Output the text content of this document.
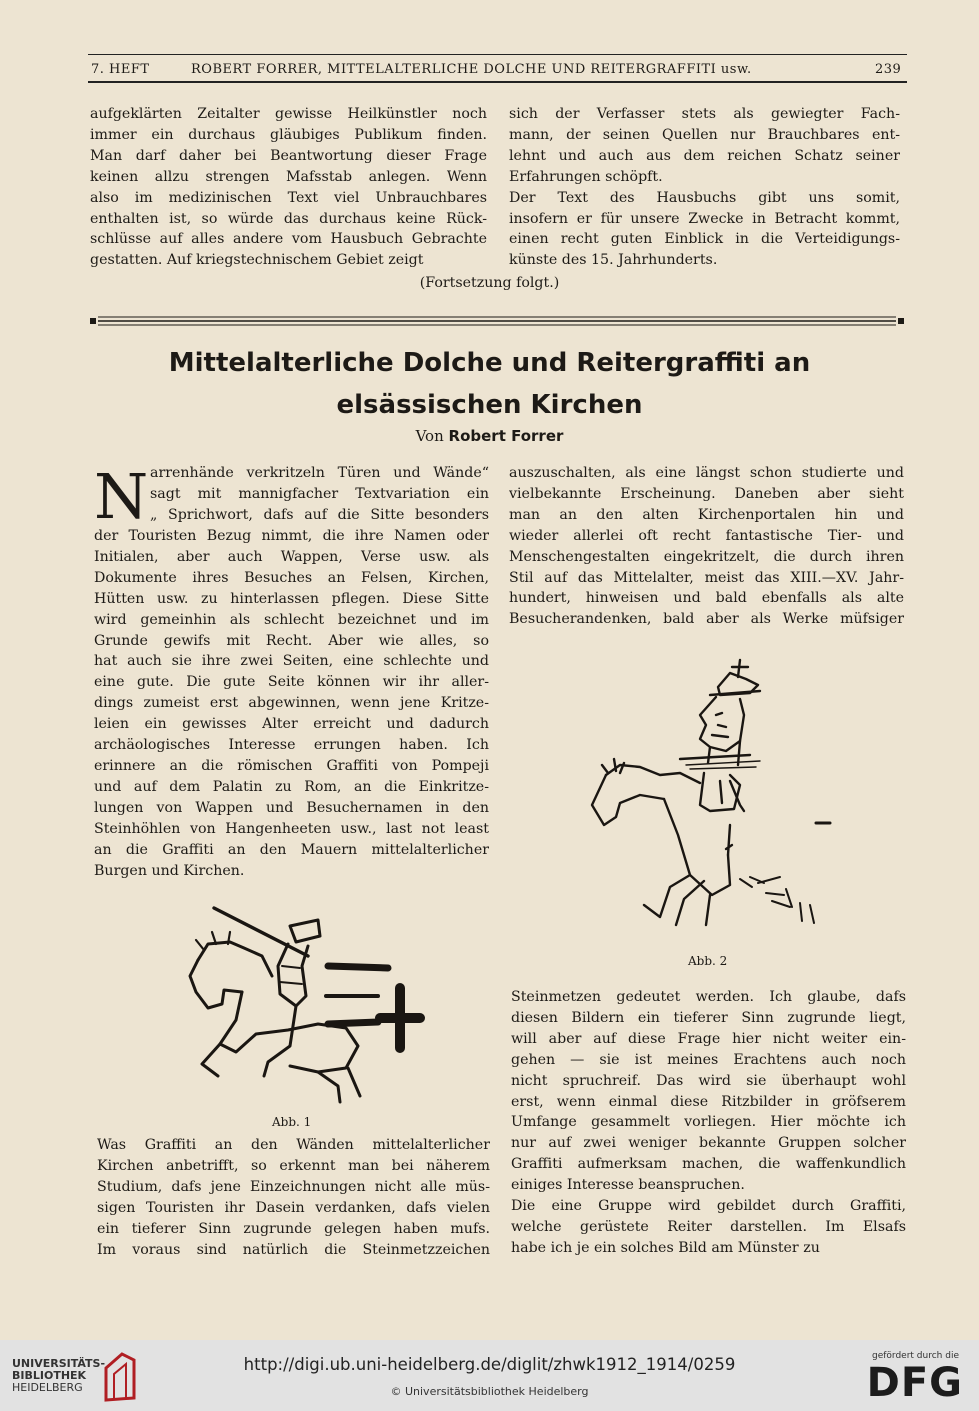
7. HEFT	ROBERT FORRER, MITTELALTERLICHE DOLCHE UND REITERGRAFFITI usw.	239
aufgeklärten Zeitalter gewisse Heilkünstler noch
immer ein durchaus gläubiges Publikum finden.
Man darf daher bei Beantwortung dieser Frage
keinen allzu strengen Mafsstab anlegen. Wenn
also im medizinischen Text viel Unbrauchbares
enthalten ist, so würde das durchaus keine Rück-
schlüsse auf alles andere vom Hausbuch Gebrachte
gestatten. Auf kriegstechnischem Gebiet zeigt
sich der Verfasser stets als gewiegter Fach-
mann, der seinen Quellen nur Brauchbares ent-
lehnt und auch aus dem reichen Schatz seiner
Erfahrungen schöpft.
Der Text des Hausbuchs gibt uns somit,
insofern er für unsere Zwecke in Betracht kommt,
einen recht guten Einblick in die Verteidigungs-
künste des 15. Jahrhunderts.
(Fortsetzung folgt.)
Mittelalterliche Dolche und Reitergraffiti an
elsässischen Kirchen
Von Robert Forrer
N arrenhände verkritzeln Türen und Wände“
sagt mit mannigfacher Textvariation ein
„ Sprichwort, dafs auf die Sitte besonders
der Touristen Bezug nimmt, die ihre Namen oder
Initialen, aber auch Wappen, Verse usw. als
Dokumente ihres Besuches an Felsen, Kirchen,
Hütten usw. zu hinterlassen pflegen. Diese Sitte
wird gemeinhin als schlecht bezeichnet und im
Grunde gewifs mit Recht. Aber wie alles, so
hat auch sie ihre zwei Seiten, eine schlechte und
eine gute. Die gute Seite können wir ihr aller-
dings zumeist erst abgewinnen, wenn jene Kritze-
leien ein gewisses Alter erreicht und dadurch
archäologisches Interesse errungen haben. Ich
erinnere an die römischen Graffiti von Pompeji
und auf dem Palatin zu Rom, an die Einkritze-
lungen von Wappen und Besuchernamen in den
Steinhöhlen von Hangenheeten usw., last not least
an die Graffiti an den Mauern mittelalterlicher
Burgen und Kirchen.
auszuschalten, als eine längst schon studierte und
vielbekannte Erscheinung. Daneben aber sieht
man an den alten Kirchenportalen hin und
wieder allerlei oft recht fantastische Tier- und
Menschengestalten eingekritzelt, die durch ihren
Stil auf das Mittelalter, meist das XIII.—XV. Jahr-
hundert, hinweisen und bald ebenfalls als alte
Besucherandenken, bald aber als Werke müfsiger
Abb. 2
Steinmetzen gedeutet werden. Ich glaube, dafs
diesen Bildern ein tieferer Sinn zugrunde liegt,
will aber auf diese Frage hier nicht weiter ein-
gehen — sie ist meines Erachtens auch noch
nicht spruchreif. Das wird sie überhaupt wohl
erst, wenn einmal diese Ritzbilder in gröfserem
Umfange gesammelt vorliegen. Hier möchte ich
nur auf zwei weniger bekannte Gruppen solcher
Graffiti aufmerksam machen, die waffenkundlich
einiges Interesse beanspruchen.
Die eine Gruppe wird gebildet durch Graffiti,
welche gerüstete Reiter darstellen. Im Elsafs
habe ich je ein solches Bild am Münster zu
Abb. 1
Was Graffiti an den Wänden mittelalterlicher
Kirchen anbetrifft, so erkennt man bei näherem
Studium, dafs jene Einzeichnungen nicht alle müs-
sigen Touristen ihr Dasein verdanken, dafs vielen
ein tieferer Sinn zugrunde gelegen haben mufs.
Im voraus sind natürlich die Steinmetzzeichen
UNIVERSITÄTS-
BIBLIOTHEK
HEIDELBERG
http://digi.ub.uni-heidelberg.de/diglit/zhwk1912_1914/0259
© Universitätsbibliothek Heidelberg
gefördert durch die
DFG
